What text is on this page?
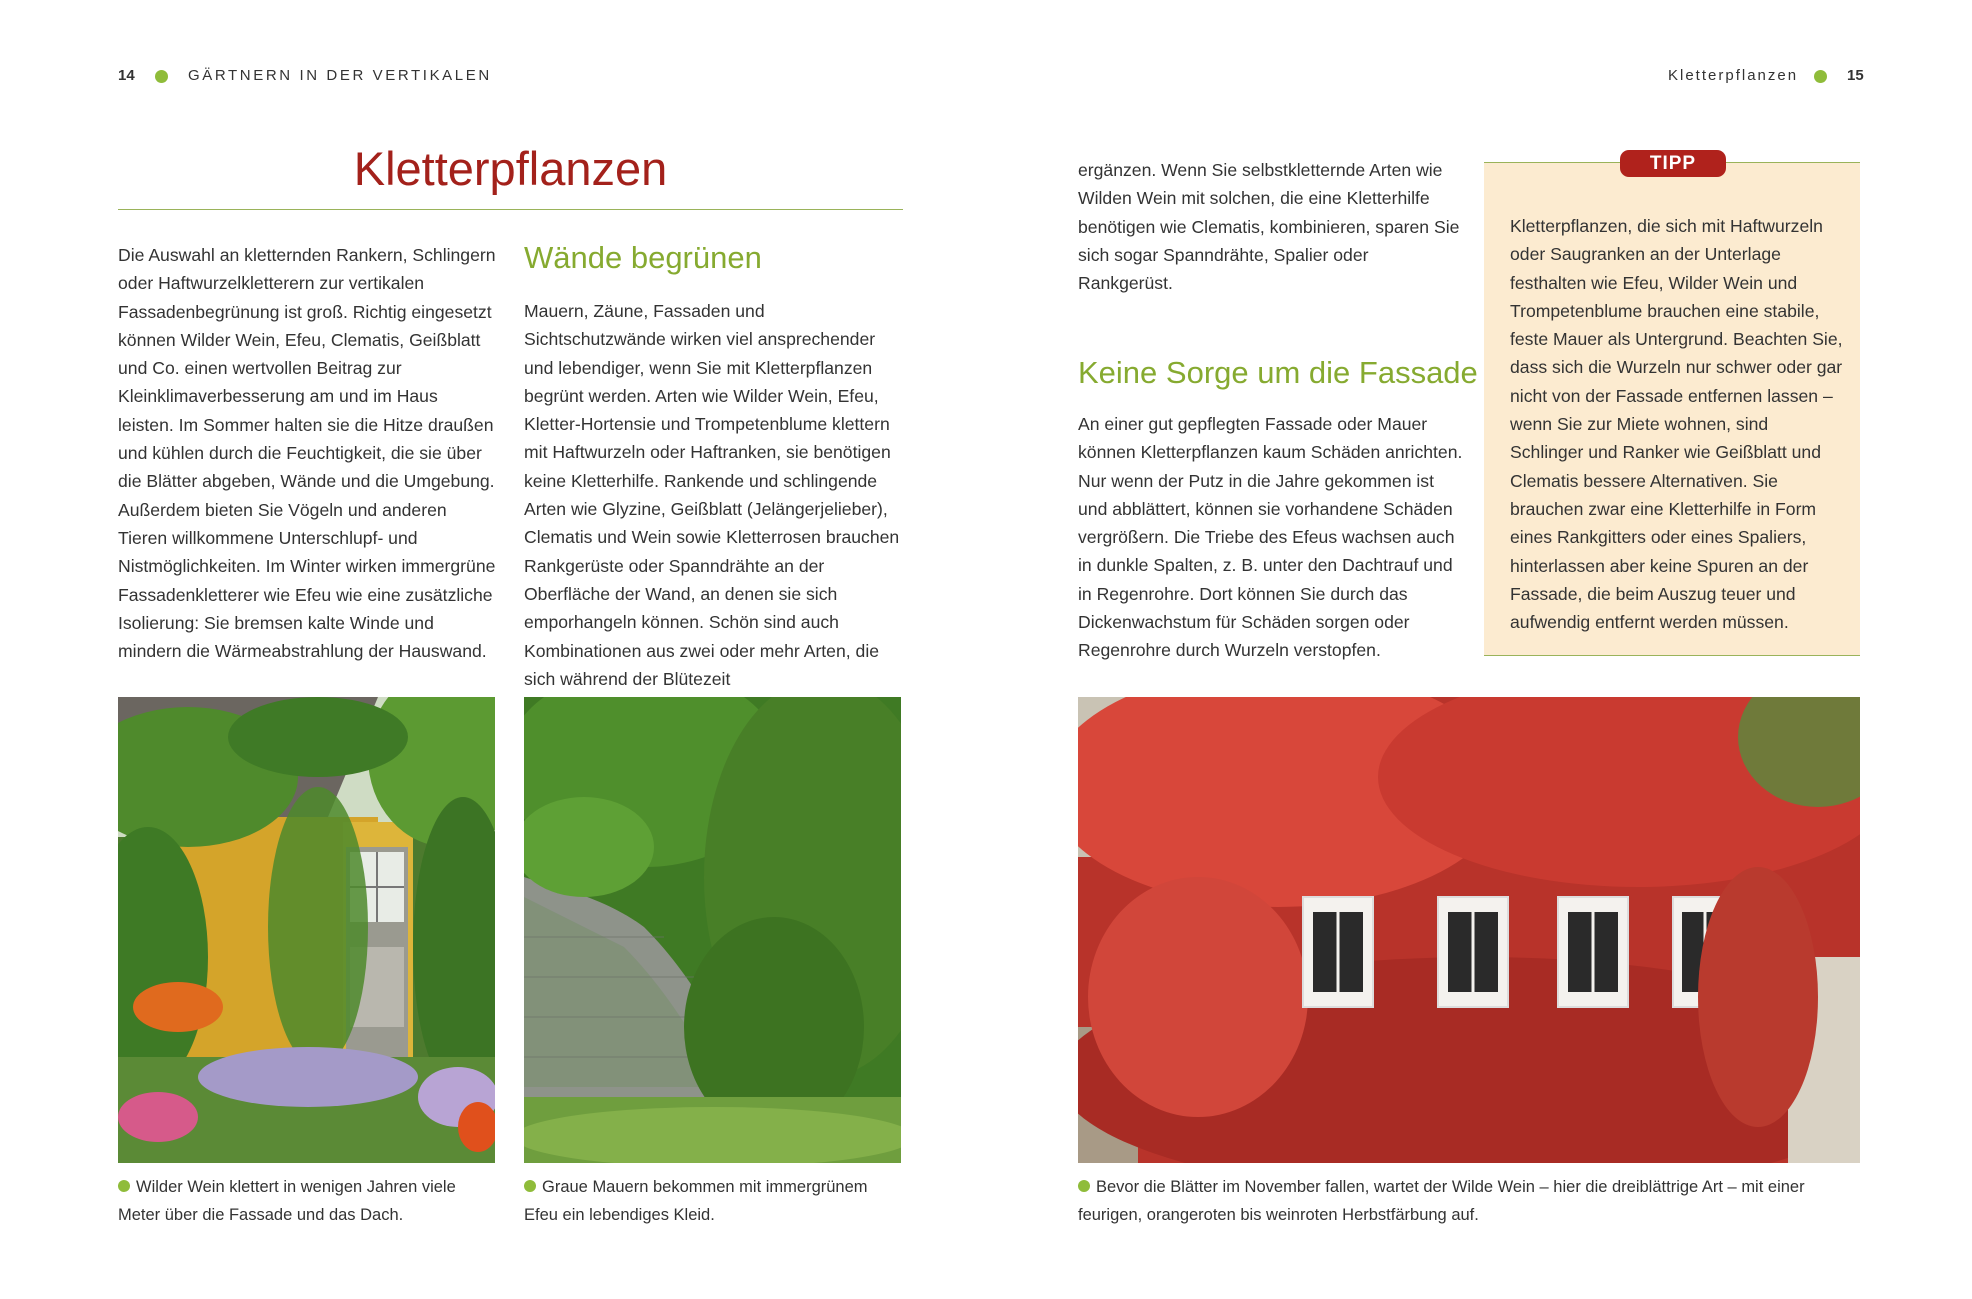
14	GÄRTNERN IN DER VERTIKALEN	Kletterpflanzen	15
Kletterpflanzen

Die Auswahl an kletternden Rankern, Schlingern oder Haftwurzelkletterern zur vertikalen Fassadenbegrünung ist groß. Richtig eingesetzt können Wilder Wein, Efeu, Clematis, Geißblatt und Co. einen wertvollen Beitrag zur Kleinklimaverbesserung am und im Haus leisten. Im Sommer halten sie die Hitze draußen und kühlen durch die Feuchtigkeit, die sie über die Blätter abgeben, Wände und die Umgebung. Außerdem bieten Sie Vögeln und anderen Tieren willkommene Unterschlupf- und Nistmöglichkeiten. Im Winter wirken immergrüne Fassadenkletterer wie Efeu wie eine zusätzliche Isolierung: Sie bremsen kalte Winde und mindern die Wärmeabstrahlung der Hauswand.

Wände begrünen

Mauern, Zäune, Fassaden und Sichtschutzwände wirken viel ansprechender und lebendiger, wenn Sie mit Kletterpflanzen begrünt werden. Arten wie Wilder Wein, Efeu, Kletter-Hortensie und Trompetenblume klettern mit Haftwurzeln oder Haftranken, sie benötigen keine Kletterhilfe. Rankende und schlingende Arten wie Glyzine, Geißblatt (Jelängerjelieber), Clematis und Wein sowie Kletterrosen brauchen Rankgerüste oder Spanndrähte an der Oberfläche der Wand, an denen sie sich emporhangeln können. Schön sind auch Kombinationen aus zwei oder mehr Arten, die sich während der Blütezeit

ergänzen. Wenn Sie selbstkletternde Arten wie Wilden Wein mit solchen, die eine Kletterhilfe benötigen wie Clematis, kombinieren, sparen Sie sich sogar Spanndrähte, Spalier oder Rankgerüst.

Keine Sorge um die Fassade

An einer gut gepflegten Fassade oder Mauer können Kletterpflanzen kaum Schäden anrichten. Nur wenn der Putz in die Jahre gekommen ist und abblättert, können sie vorhandene Schäden vergrößern. Die Triebe des Efeus wachsen auch in dunkle Spalten, z. B. unter den Dachtrauf und in Regenrohre. Dort können Sie durch das Dickenwachstum für Schäden sorgen oder Regenrohre durch Wurzeln verstopfen.

TIPP

Kletterpflanzen, die sich mit Haftwurzeln oder Saugranken an der Unterlage festhalten wie Efeu, Wilder Wein und Trompetenblume brauchen eine stabile, feste Mauer als Untergrund. Beachten Sie, dass sich die Wurzeln nur schwer oder gar nicht von der Fassade entfernen lassen – wenn Sie zur Miete wohnen, sind Schlinger und Ranker wie Geißblatt und Clematis bessere Alternativen. Sie brauchen zwar eine Kletterhilfe in Form eines Rankgitters oder eines Spaliers, hinterlassen aber keine Spuren an der Fassade, die beim Auszug teuer und aufwendig entfernt werden müssen.

Wilder Wein klettert in wenigen Jahren viele Meter über die Fassade und das Dach.
Graue Mauern bekommen mit immergrünem Efeu ein lebendiges Kleid.
Bevor die Blätter im November fallen, wartet der Wilde Wein – hier die dreiblättrige Art – mit einer feurigen, orangeroten bis weinroten Herbstfärbung auf.
